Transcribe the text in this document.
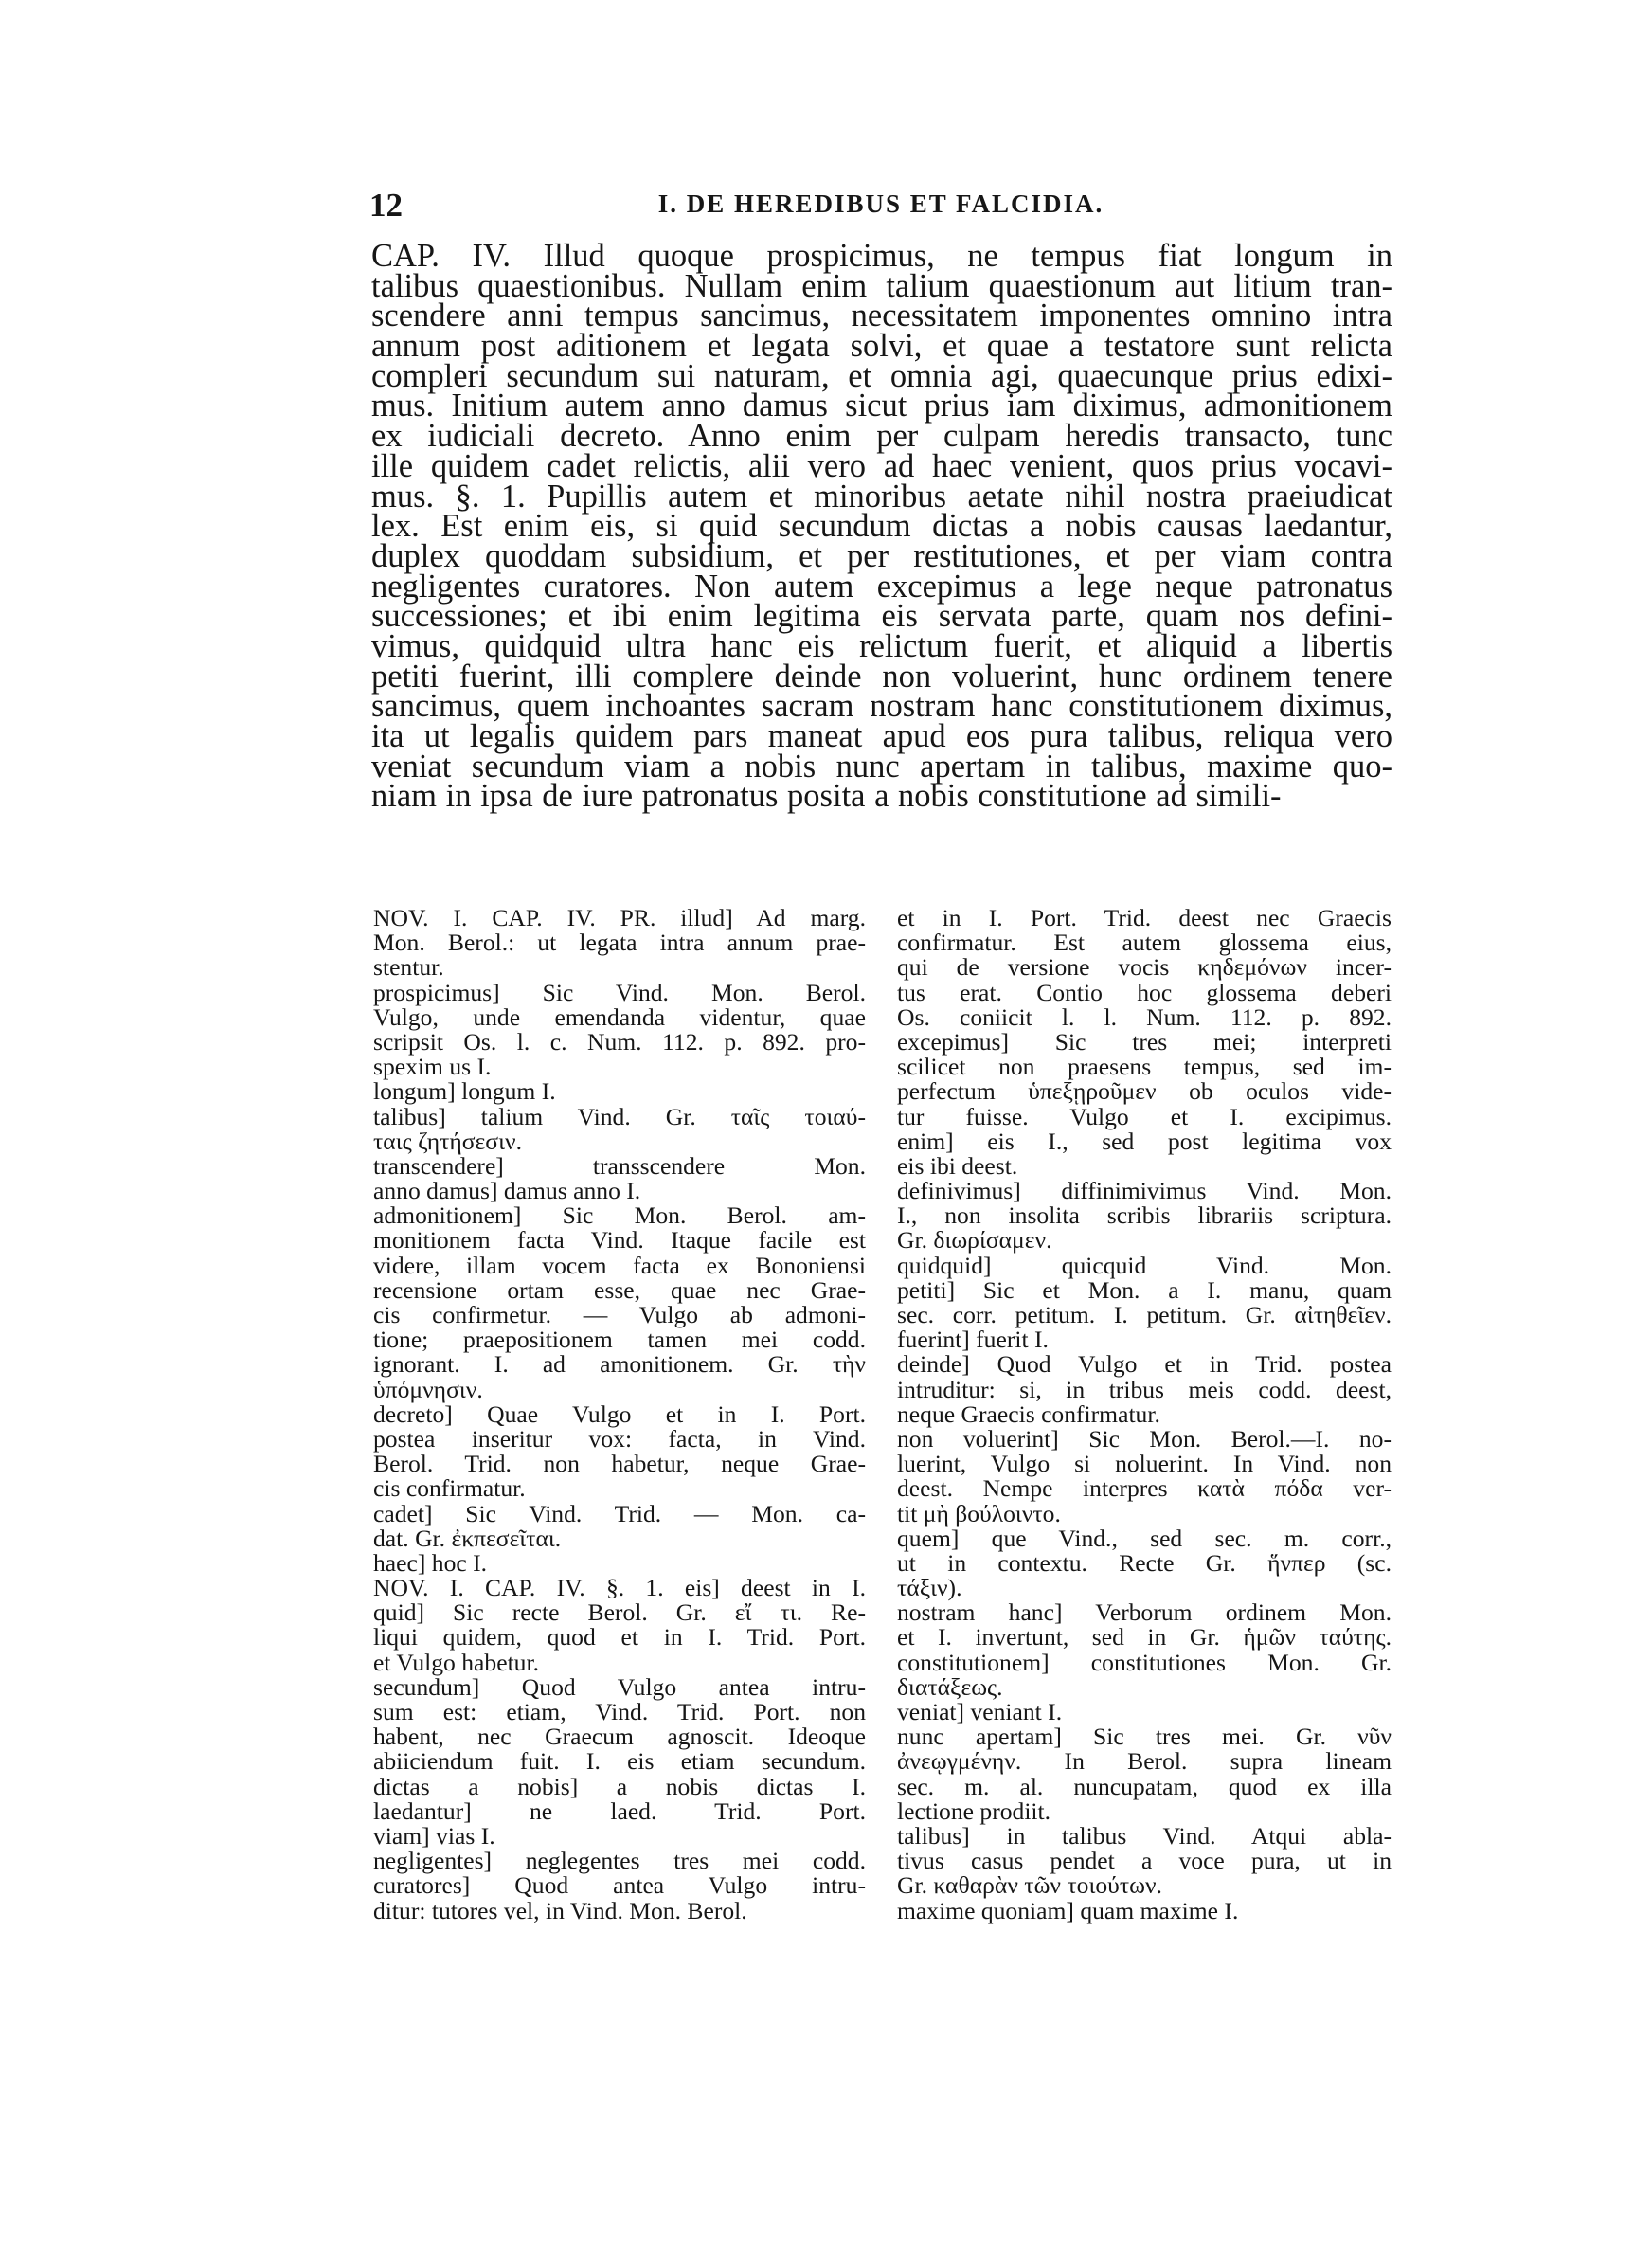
12	I. DE HEREDIBUS ET FALCIDIA.
CAP. IV. Illud quoque prospicimus, ne tempus fiat longum in
talibus quaestionibus. Nullam enim talium quaestionum aut litium tran-
scendere anni tempus sancimus, necessitatem imponentes omnino intra
annum post aditionem et legata solvi, et quae a testatore sunt relicta
compleri secundum sui naturam, et omnia agi, quaecunque prius edixi-
mus. Initium autem anno damus sicut prius iam diximus, admonitionem
ex iudiciali decreto. Anno enim per culpam heredis transacto, tunc
ille quidem cadet relictis, alii vero ad haec venient, quos prius vocavi-
mus. §. 1. Pupillis autem et minoribus aetate nihil nostra praeiudicat
lex. Est enim eis, si quid secundum dictas a nobis causas laedantur,
duplex quoddam subsidium, et per restitutiones, et per viam contra
negligentes curatores. Non autem excepimus a lege neque patronatus
successiones; et ibi enim legitima eis servata parte, quam nos defini-
vimus, quidquid ultra hanc eis relictum fuerit, et aliquid a libertis
petiti fuerint, illi complere deinde non voluerint, hunc ordinem tenere
sancimus, quem inchoantes sacram nostram hanc constitutionem diximus,
ita ut legalis quidem pars maneat apud eos pura talibus, reliqua vero
veniat secundum viam a nobis nunc apertam in talibus, maxime quo-
niam in ipsa de iure patronatus posita a nobis constitutione ad simili-
NOV. I. CAP. IV. PR. illud] Ad marg.
Mon. Berol.: ut legata intra annum prae-
stentur.
prospicimus] Sic Vind. Mon. Berol.
Vulgo, unde emendanda videntur, quae
scripsit Os. l. c. Num. 112. p. 892. pro-
spexim us I.
longum] longum I.
talibus] talium Vind. Gr. ταῖς τοιαύ-
ταις ζητήσεσιν.
transcendere] transscendere Mon.
anno damus] damus anno I.
admonitionem] Sic Mon. Berol. am-
monitionem facta Vind. Itaque facile est
videre, illam vocem facta ex Bononiensi
recensione ortam esse, quae nec Grae-
cis confirmetur. — Vulgo ab admoni-
tione; praepositionem tamen mei codd.
ignorant. I. ad amonitionem. Gr. τὴν
ὑπόμνησιν.
decreto] Quae Vulgo et in I. Port.
postea inseritur vox: facta, in Vind.
Berol. Trid. non habetur, neque Grae-
cis confirmatur.
cadet] Sic Vind. Trid. — Mon. ca-
dat. Gr. ἐκπεσεῖται.
haec] hoc I.
NOV. I. CAP. IV. §. 1. eis] deest in I.
quid] Sic recte Berol. Gr. εἴ τι. Re-
liqui quidem, quod et in I. Trid. Port.
et Vulgo habetur.
secundum] Quod Vulgo antea intru-
sum est: etiam, Vind. Trid. Port. non
habent, nec Graecum agnoscit. Ideoque
abiiciendum fuit. I. eis etiam secundum.
dictas a nobis] a nobis dictas I.
laedantur] ne laed. Trid. Port.
viam] vias I.
negligentes] neglegentes tres mei codd.
curatores] Quod antea Vulgo intru-
ditur: tutores vel, in Vind. Mon. Berol.
et in I. Port. Trid. deest nec Graecis
confirmatur. Est autem glossema eius,
qui de versione vocis κηδεμόνων incer-
tus erat. Contio hoc glossema deberi
Os. coniicit l. l. Num. 112. p. 892.
excepimus] Sic tres mei; interpreti
scilicet non praesens tempus, sed im-
perfectum ὑπεξῃροῦμεν ob oculos vide-
tur fuisse. Vulgo et I. excipimus.
enim] eis I., sed post legitima vox
eis ibi deest.
definivimus] diffinimivimus Vind. Mon.
I., non insolita scribis librariis scriptura.
Gr. διωρίσαμεν.
quidquid] quicquid Vind. Mon.
petiti] Sic et Mon. a I. manu, quam
sec. corr. petitum. I. petitum. Gr. αἰτηθεῖεν.
fuerint] fuerit I.
deinde] Quod Vulgo et in Trid. postea
intruditur: si, in tribus meis codd. deest,
neque Graecis confirmatur.
non voluerint] Sic Mon. Berol.—I. no-
luerint, Vulgo si noluerint. In Vind. non
deest. Nempe interpres κατὰ πόδα ver-
tit μὴ βούλοιντο.
quem] que Vind., sed sec. m. corr.,
ut in contextu. Recte Gr. ἥνπερ (sc.
τάξιν).
nostram hanc] Verborum ordinem Mon.
et I. invertunt, sed in Gr. ἡμῶν ταύτης.
constitutionem] constitutiones Mon. Gr.
διατάξεως.
veniat] veniant I.
nunc apertam] Sic tres mei. Gr. νῦν
ἀνεῳγμένην. In Berol. supra lineam
sec. m. al. nuncupatam, quod ex illa
lectione prodiit.
talibus] in talibus Vind. Atqui abla-
tivus casus pendet a voce pura, ut in
Gr. καθαρὰν τῶν τοιούτων.
maxime quoniam] quam maxime I.
